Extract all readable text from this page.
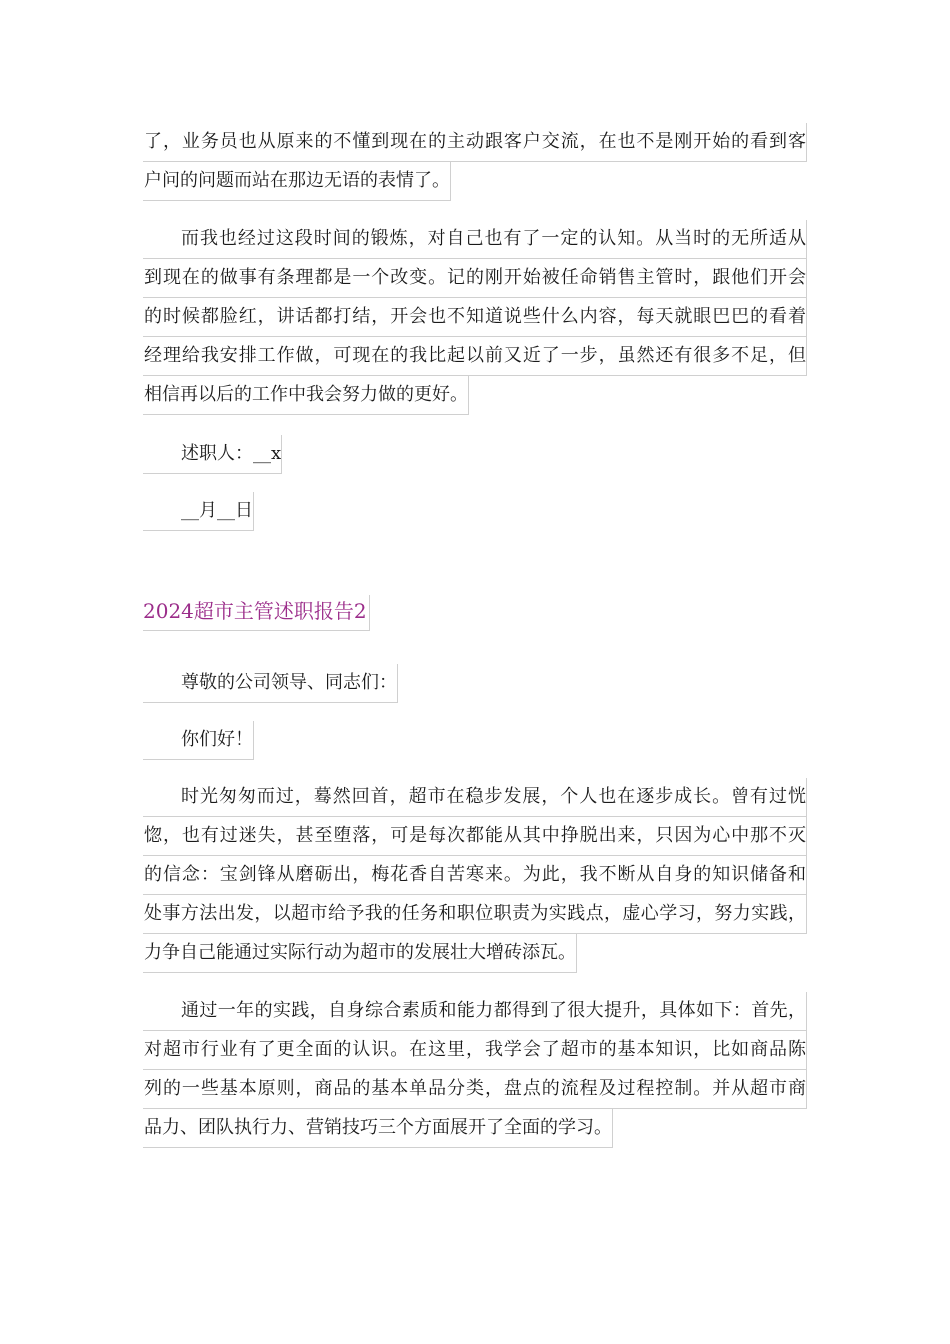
了，业务员也从原来的不懂到现在的主动跟客户交流，在也不是刚开始的看到客
户问的问题而站在那边无语的表情了。
而我也经过这段时间的锻炼，对自己也有了一定的认知。从当时的无所适从
到现在的做事有条理都是一个改变。记的刚开始被任命销售主管时，跟他们开会
的时候都脸红，讲话都打结，开会也不知道说些什么内容，每天就眼巴巴的看着
经理给我安排工作做，可现在的我比起以前又近了一步，虽然还有很多不足，但
相信再以后的工作中我会努力做的更好。
述职人：__x
__月__日
2024超市主管述职报告2
尊敬的公司领导、同志们：
你们好！
时光匆匆而过，蓦然回首，超市在稳步发展，个人也在逐步成长。曾有过恍
惚，也有过迷失，甚至堕落，可是每次都能从其中挣脱出来，只因为心中那不灭
的信念：宝剑锋从磨砺出，梅花香自苦寒来。为此，我不断从自身的知识储备和
处事方法出发，以超市给予我的任务和职位职责为实践点，虚心学习，努力实践，
力争自己能通过实际行动为超市的发展壮大增砖添瓦。
通过一年的实践，自身综合素质和能力都得到了很大提升，具体如下：首先，
对超市行业有了更全面的认识。在这里，我学会了超市的基本知识，比如商品陈
列的一些基本原则，商品的基本单品分类，盘点的流程及过程控制。并从超市商
品力、团队执行力、营销技巧三个方面展开了全面的学习。
